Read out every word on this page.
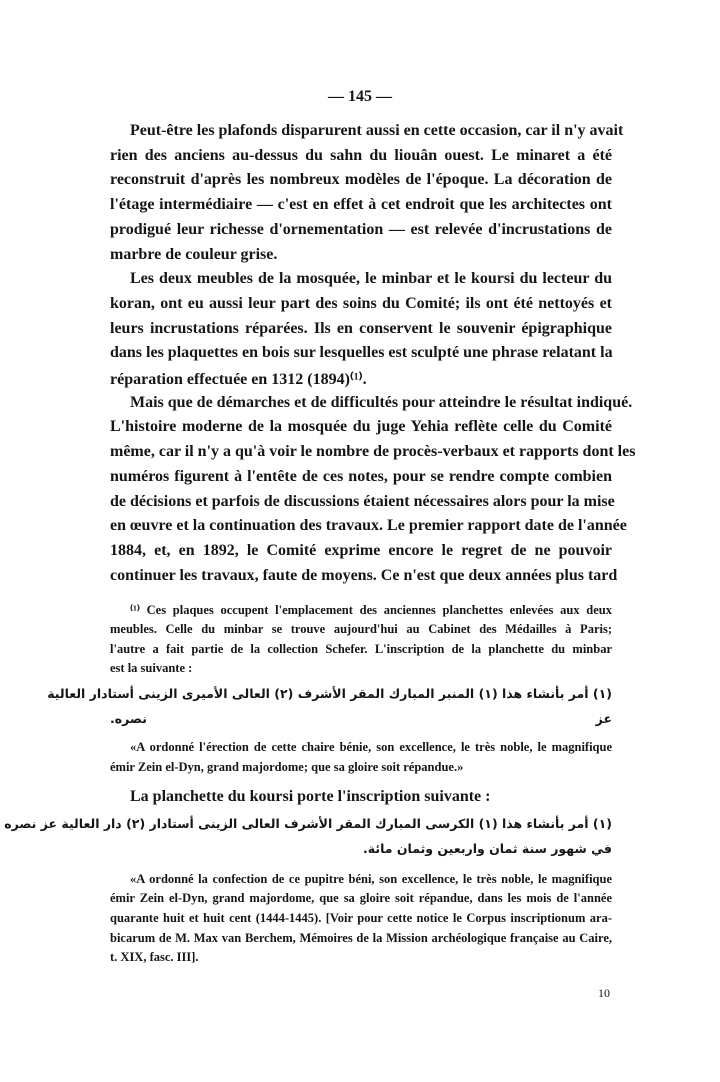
— 145 —
Peut-être les plafonds disparurent aussi en cette occasion, car il n'y avait
rien des anciens au-dessus du sahn du liouân ouest. Le minaret a été
reconstruit d'après les nombreux modèles de l'époque. La décoration de
l'étage intermédiaire — c'est en effet à cet endroit que les architectes ont
prodigué leur richesse d'ornementation — est relevée d'incrustations de
marbre de couleur grise.
Les deux meubles de la mosquée, le minbar et le koursi du lecteur du
koran, ont eu aussi leur part des soins du Comité; ils ont été nettoyés et
leurs incrustations réparées. Ils en conservent le souvenir épigraphique
dans les plaquettes en bois sur lesquelles est sculpté une phrase relatant la
réparation effectuée en 1312 (1894)⁽¹⁾.
Mais que de démarches et de difficultés pour atteindre le résultat indiqué.
L'histoire moderne de la mosquée du juge Yehia reflète celle du Comité
même, car il n'y a qu'à voir le nombre de procès-verbaux et rapports dont les
numéros figurent à l'entête de ces notes, pour se rendre compte combien
de décisions et parfois de discussions étaient nécessaires alors pour la mise
en œuvre et la continuation des travaux. Le premier rapport date de l'année
1884, et, en 1892, le Comité exprime encore le regret de ne pouvoir
continuer les travaux, faute de moyens. Ce n'est que deux années plus tard
⁽¹⁾ Ces plaques occupent l'emplacement des anciennes planchettes enlevées aux deux
meubles. Celle du minbar se trouve aujourd'hui au Cabinet des Médailles à Paris;
l'autre a fait partie de la collection Schefer. L'inscription de la planchette du minbar
est la suivante :
(١) أمر بأنشاء هذا (١) المنبر المبارك المقر الأشرف (٢) العالى الأميرى الزينى أستادار العالية
عز نصره.
«A ordonné l'érection de cette chaire bénie, son excellence, le très noble, le magnifique
émir Zein el-Dyn, grand majordome; que sa gloire soit répandue.»
La planchette du koursi porte l'inscription suivante :
(١) أمر بأنشاء هذا (١) الكرسى المبارك المقر الأشرف العالى الزينى أستادار (٢) دار العالية عز نصره
في شهور سنة ثمان واربعين وثمان مائة.
«A ordonné la confection de ce pupitre béni, son excellence, le très noble, le magnifique
émir Zein el-Dyn, grand majordome, que sa gloire soit répandue, dans les mois de l'année
quarante huit et huit cent (1444-1445). [Voir pour cette notice le Corpus inscriptionum ara-
bicarum de M. Max van Berchem, Mémoires de la Mission archéologique française au Caire,
t. XIX, fasc. III].
10
